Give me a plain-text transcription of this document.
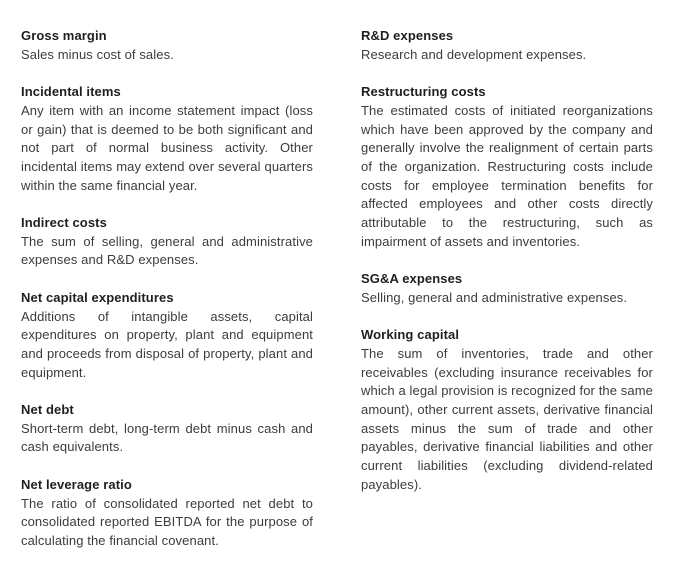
Gross margin

Sales minus cost of sales.

Incidental items

Any item with an income statement impact (loss or gain) that is deemed to be both significant and not part of normal business activity. Other incidental items may extend over several quarters within the same financial year.

Indirect costs

The sum of selling, general and administrative expenses and R&D expenses.

Net capital expenditures

Additions of intangible assets, capital expenditures on property, plant and equipment and proceeds from disposal of property, plant and equipment.

Net debt

Short-term debt, long-term debt minus cash and cash equivalents.

Net leverage ratio

The ratio of consolidated reported net debt to consolidated reported EBITDA for the purpose of calculating the financial covenant.

R&D expenses

Research and development expenses.

Restructuring costs

The estimated costs of initiated reorganizations which have been approved by the company and generally involve the realignment of certain parts of the organization. Restructuring costs include costs for employee termination benefits for affected employees and other costs directly attributable to the restructuring, such as impairment of assets and inventories.

SG&A expenses

Selling, general and administrative expenses.

Working capital

The sum of inventories, trade and other receivables (excluding insurance receivables for which a legal provision is recognized for the same amount), other current assets, derivative financial assets minus the sum of trade and other payables, derivative financial liabilities and other current liabilities (excluding dividend-related payables).
